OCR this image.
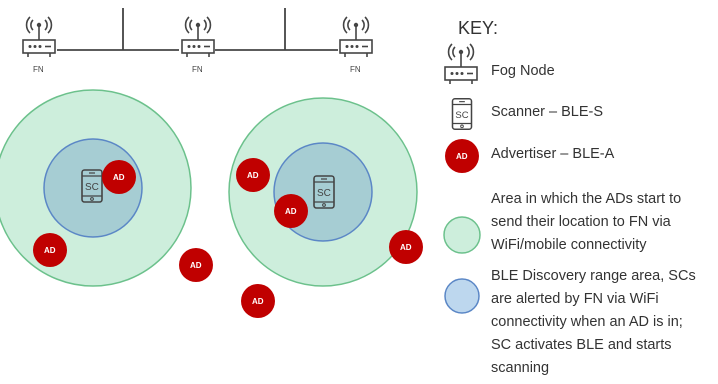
FN	FN	FN
SC
AD
SC
AD
AD
AD
AD
AD
AD
SC
AD
KEY:
Fog Node
Scanner – BLE-S
Advertiser – BLE-A
Area in which the ADs start to
send their location to FN via
WiFi/mobile connectivity
BLE Discovery range area, SCs
are alerted by FN via WiFi
connectivity when an AD is in;
SC activates BLE and starts
scanning
